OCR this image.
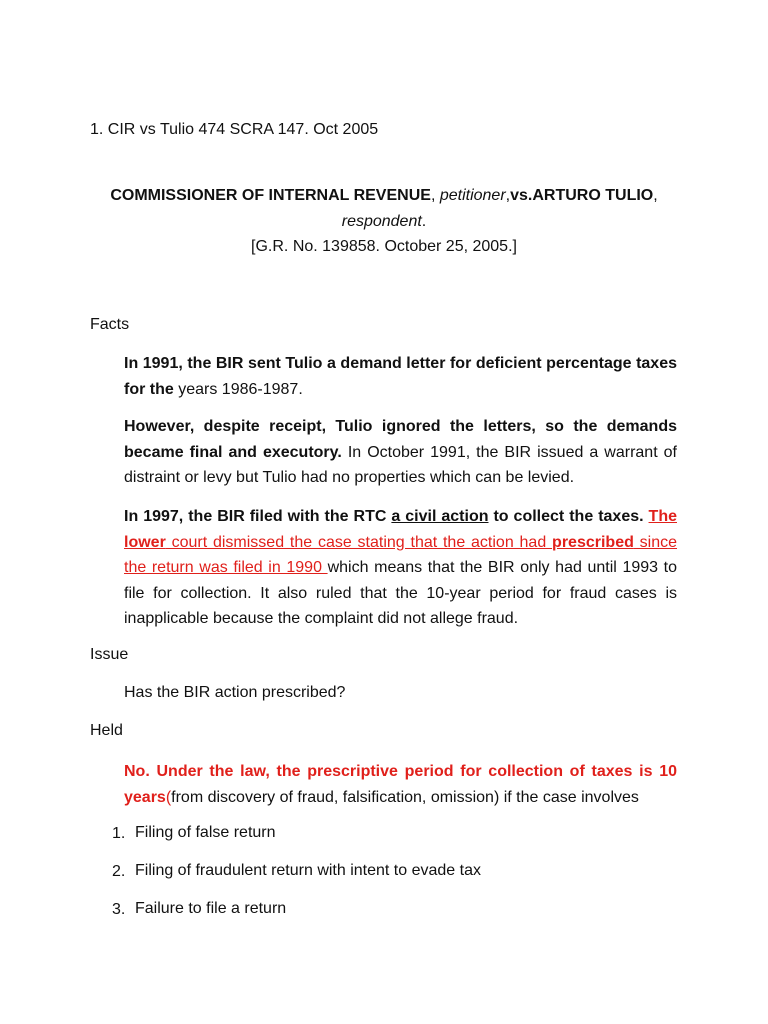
1. CIR vs Tulio 474 SCRA 147. Oct 2005
COMMISSIONER OF INTERNAL REVENUE, petitioner,vs.ARTURO TULIO,
respondent.
[G.R. No. 139858. October 25, 2005.]
Facts
In 1991, the BIR sent Tulio a demand letter for deficient percentage taxes for the years 1986-1987.
However, despite receipt, Tulio ignored the letters, so the demands became final and executory. In October 1991, the BIR issued a warrant of distraint or levy but Tulio had no properties which can be levied.
In 1997, the BIR filed with the RTC a civil action to collect the taxes. The lower court dismissed the case stating that the action had prescribed since the return was filed in 1990 which means that the BIR only had until 1993 to file for collection. It also ruled that the 10-year period for fraud cases is inapplicable because the complaint did not allege fraud.
Issue
Has the BIR action prescribed?
Held
No. Under the law, the prescriptive period for collection of taxes is 10 years(from discovery of fraud, falsification, omission) if the case involves
1. Filing of false return
2. Filing of fraudulent return with intent to evade tax
3. Failure to file a return
